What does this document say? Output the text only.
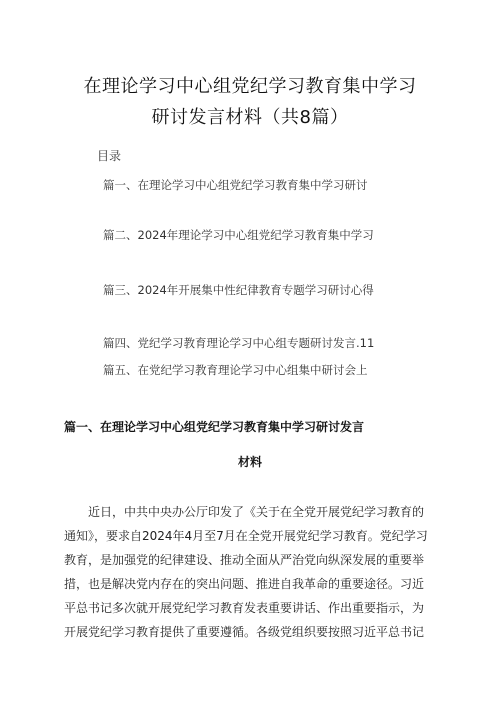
在理论学习中心组党纪学习教育集中学习
研讨发言材料（共8篇）
目录
篇一、在理论学习中心组党纪学习教育集中学习研讨
篇二、2024年理论学习中心组党纪学习教育集中学习
篇三、2024年开展集中性纪律教育专题学习研讨心得
篇四、党纪学习教育理论学习中心组专题研讨发言.11
篇五、在党纪学习教育理论学习中心组集中研讨会上
篇一、在理论学习中心组党纪学习教育集中学习研讨发言
材料
近日，中共中央办公厅印发了《关于在全党开展党纪学习教育的
通知》，要求自2024年4月至7月在全党开展党纪学习教育。党纪学习
教育，是加强党的纪律建设、推动全面从严治党向纵深发展的重要举
措，也是解决党内存在的突出问题、推进自我革命的重要途径。习近
平总书记多次就开展党纪学习教育发表重要讲话、作出重要指示，为
开展党纪学习教育提供了重要遵循。各级党组织要按照习近平总书记
